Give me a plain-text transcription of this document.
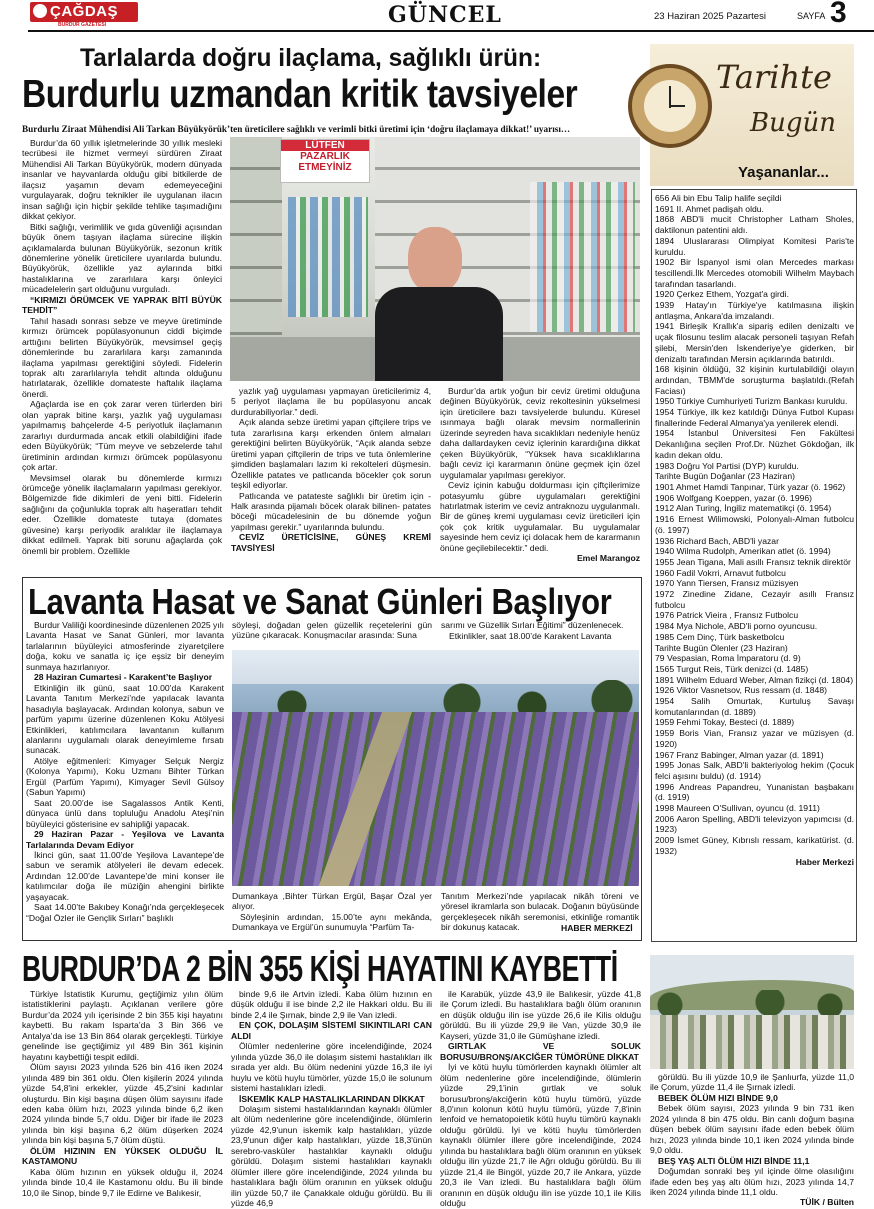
ÇAĞDAŞ
BURDUR GAZETESİ	GÜNCEL	23 Haziran 2025 Pazartesi	SAYFA 3
Tarlalarda doğru ilaçlama, sağlıklı ürün:
Burdurlu uzmandan kritik tavsiyeler
Burdurlu Ziraat Mühendisi Ali Tarkan Büyükyörük’ten üreticilere sağlıklı ve verimli bitki üretimi için ‘doğru ilaçlamaya dikkat!’ uyarısı…

Burdur’da 60 yıllık işletmelerinde 30 yıllık mesleki tecrübesi ile hizmet vermeyi sürdüren Ziraat Mühendisi Ali Tarkan Büyükyörük, modern dünyada insanlar ve hayvanlarda olduğu gibi bitkilerde de ilaçsız yaşamın devam edemeyeceğini vurgulayarak, doğru teknikler ile uygulanan ilacın insan sağlığı için hiçbir şekilde tehlike taşımadığını dikkat çekiyor.

Bitki sağlığı, verimlilik ve gıda güvenliği açısından büyük önem taşıyan ilaçlama sürecine ilişkin açıklamalarda bulunan Büyükyörük, sezonun kritik dönemlerine yönelik üreticilere uyarılarda bulundu. Büyükyörük, özellikle yaz aylarında bitki hastalıklarına ve zararlılara karşı önleyici mücadelelerin şart olduğunu vurguladı.

“KIRMIZI ÖRÜMCEK VE YAPRAK BİTİ BÜYÜK TEHDİT”

Tahıl hasadı sonrası sebze ve meyve üretiminde kırmızı örümcek popülasyonunun ciddi biçimde arttığını belirten Büyükyörük, mevsimsel geçiş dönemlerinde bu zararlılara karşı zamanında ilaçlama yapılması gerektiğini söyledi. Fidelerin toprak altı zararlılarıyla tehdit altında olduğunu hatırlatarak, özellikle domateste haftalık ilaçlama önerdi.

Ağaçlarda ise en çok zarar veren türlerden biri olan yaprak bitine karşı, yazlık yağ uygulaması yapılmamış bahçelerde 4-5 periyotluk ilaçlamanın zararlıyı durdurmada ancak etkili olabildiğini ifade eden Büyükyörük; “Tüm meyve ve sebzelerde tahıl üretiminin ardından kırmızı örümcek popülasyonu çok artar.

Mevsimsel olarak bu dönemlerde kırmızı örümceğe yönelik ilaçlamaların yapılması gerekiyor. Bölgemizde fide dikimleri de yeni bitti. Fidelerin sağlığını da çoğunlukla toprak altı haşeratları tehdit eder. Özellikle domateste tutaya (domates güvesine) karşı periyodik aralıklar ile ilaçlamaya dikkat edilmeli. Yaprak biti sorunu ağaçlarda çok önemli bir problem. Özellikle

LÜTFEN
PAZARLIK
ETMEYİNİZ

yazlık yağ uygulaması yapmayan üreticilerimiz 4, 5 periyot ilaçlama ile bu popülasyonu ancak durdurabiliyorlar.” dedi.

Açık alanda sebze üretimi yapan çiftçilere trips ve tuta zararlısına karşı erkenden önlem almaları gerektiğini belirten Büyükyörük, “Açık alanda sebze üretimi yapan çiftçilerin de trips ve tuta önlemlerine şimdiden başlamaları lazım ki rekolteleri düşmesin. Özellikle patates ve patlıcanda böcekler çok sorun teşkil ediyorlar.

Patlıcanda ve patateste sağlıklı bir üretim için - Halk arasında pijamalı böcek olarak bilinen- patates böceği mücadelesinin de bu dönemde yoğun yapılması gerekir.” uyarılarında bulundu.

CEVİZ ÜRETİCİSİNE, GÜNEŞ KREMİ TAVSİYESİ

Burdur’da artık yoğun bir ceviz üretimi olduğuna değinen Büyükyörük, ceviz rekoltesinin yükselmesi için üreticilere bazı tavsiyelerde bulundu. Küresel ısınmaya bağlı olarak mevsim normallerinin üzerinde seyreden hava sıcaklıkları nedeniyle henüz daha dallardayken ceviz içlerinin karardığına dikkat çeken Büyükyörük, “Yüksek hava sıcaklıklarına bağlı ceviz içi kararmanın önüne geçmek için özel uygulamalar yapılması gerekiyor.

Ceviz içinin kabuğu doldurması için çiftçilerimize potasyumlu gübre uygulamaları gerektiğini hatırlatmak isterim ve ceviz antraknozu uygulanmalı. Bir de güneş kremi uygulaması ceviz üreticileri için çok çok kritik uygulamalar. Bu uygulamalar sayesinde hem ceviz içi dolacak hem de kararmanın önüne geçilebilecektir.” dedi.

Emel Marangoz

Tarihte
Bugün
Yaşananlar...
656 Ali bin Ebu Talip halife seçildi
1691 II. Ahmet padişah oldu.
1868 ABD'li mucit Christopher Latham Sholes, daktilonun patentini aldı.
1894 Uluslararası Olimpiyat Komitesi Paris'te kuruldu.
1902 Bir İspanyol ismi olan Mercedes markası tescillendi.İlk Mercedes otomobili Wilhelm Maybach tarafından tasarlandı.
1920 Çerkez Ethem, Yozgat'a girdi.
1939 Hatay'ın Türkiye'ye katılmasına ilişkin antlaşma, Ankara'da imzalandı.
1941 Birleşik Krallık'a sipariş edilen denizaltı ve uçak filosunu teslim alacak personeli taşıyan Refah şilebi, Mersin'den İskenderiye'ye giderken, bir denizaltı tarafından Mersin açıklarında batırıldı.
168 kişinin öldüğü, 32 kişinin kurtulabildiği olayın ardından, TBMM'de soruşturma başlatıldı.(Refah Faciası)
1950 Türkiye Cumhuriyeti Turizm Bankası kuruldu.
1954 Türkiye, ilk kez katıldığı Dünya Futbol Kupası finallerinde Federal Almanya'ya yenilerek elendi.
1954 İstanbul Üniversitesi Fen Fakültesi Dekanlığına seçilen Prof.Dr. Nüzhet Gökdoğan, ilk kadın dekan oldu.
1983 Doğru Yol Partisi (DYP) kuruldu.
Tarihte Bugün Doğanlar (23 Haziran)
1901 Ahmet Hamdi Tanpınar, Türk yazar (ö. 1962)
1906 Wolfgang Koeppen, yazar (ö. 1996)
1912 Alan Turing, İngiliz matematikçi (ö. 1954)
1916 Ernest Wilimowski, Polonyalı-Alman futbolcu (ö. 1997)
1936 Richard Bach, ABD'li yazar
1940 Wilma Rudolph, Amerikan atlet (ö. 1994)
1955 Jean Tigana, Mali asıllı Fransız teknik direktör
1960 Fadil Vokrri, Arnavut futbolcu
1970 Yann Tiersen, Fransız müzisyen
1972 Zinedine Zidane, Cezayir asıllı Fransız futbolcu
1976 Patrick Vieira , Fransız Futbolcu
1984 Mya Nichole, ABD'li porno oyuncusu.
1985 Cem Dinç, Türk basketbolcu
Tarihte Bugün Ölenler (23 Haziran)
79 Vespasian, Roma İmparatoru (d. 9)
1565 Turgut Reis, Türk denizci (d. 1485)
1891 Wilhelm Eduard Weber, Alman fizikçi (d. 1804)
1926 Viktor Vasnetsov, Rus ressam (d. 1848)
1954 Salih Omurtak, Kurtuluş Savaşı komutanlarından (d. 1889)
1959 Fehmi Tokay, Besteci (d. 1889)
1959 Boris Vian, Fransız yazar ve müzisyen (d. 1920)
1967 Franz Babinger, Alman yazar (d. 1891)
1995 Jonas Salk, ABD'li bakteriyolog hekim (Çocuk felci aşısını buldu) (d. 1914)
1996 Andreas Papandreu, Yunanistan başbakanı (d. 1919)
1998 Maureen O'Sullivan, oyuncu (d. 1911)
2006 Aaron Spelling, ABD'li televizyon yapımcısı (d. 1923)
2009 İsmet Güney, Kıbrıslı ressam, karikatürist. (d. 1932)
Haber Merkezi
Lavanta Hasat ve Sanat Günleri Başlıyor

Burdur Valiliği koordinesinde düzenlenen 2025 yılı Lavanta Hasat ve Sanat Günleri, mor lavanta tarlalarının büyüleyici atmosferinde ziyaretçilere doğa, koku ve sanatla iç içe eşsiz bir deneyim sunmaya hazırlanıyor.

28 Haziran Cumartesi - Karakent’te Başlıyor

Etkinliğin ilk günü, saat 10.00’da Karakent Lavanta Tanıtım Merkezi’nde yapılacak lavanta hasadıyla başlayacak. Ardından kolonya, sabun ve parfüm yapımı üzerine düzenlenen Koku Atölyesi Etkinlikleri, katılımcılara lavantanın kullanım alanlarını uygulamalı olarak deneyimleme fırsatı sunacak.

Atölye eğitmenleri: Kimyager Selçuk Nergiz (Kolonya Yapımı), Koku Uzmanı Bihter Türkan Ergül (Parfüm Yapımı), Kimyager Sevil Gülsoy (Sabun Yapımı)

Saat 20.00’de ise Sagalassos Antik Kenti, dünyaca ünlü dans topluluğu Anadolu Ateşi’nin büyüleyici gösterisine ev sahipliği yapacak.

29 Haziran Pazar - Yeşilova ve Lavanta Tarlalarında Devam Ediyor

İkinci gün, saat 11.00’de Yeşilova Lavantepe’de sabun ve seramik atölyeleri ile devam edecek. Ardından 12.00’de Lavantepe’de mini konser ile katılımcılar doğa ile müziğin ahengini birlikte yaşayacak.

Saat 14.00’te Bakıbey Konağı’nda gerçekleşecek “Doğal Özler ile Gençlik Sırları” başlıklı

söyleşi, doğadan gelen güzellik reçetelerini gün yüzüne çıkaracak. Konuşmacılar arasında: Suna
sarımı ve Güzellik Sırları Eğitimi” düzenlenecek.
Etkinlikler, saat 18.00’de Karakent Lavanta
Dumankaya ,Bihter Türkan Ergül, Başar Özal yer alıyor.
Söyleşinin ardından, 15.00’te aynı mekânda, Dumankaya ve Ergül’ün sunumuyla “Parfüm Ta-
Tanıtım Merkezi’nde yapılacak nikâh töreni ve yöresel ikramlarla son bulacak. Doğanın büyüsünde gerçekleşecek nikâh seremonisi, etkinliğe romantik bir dokunuş katacak.	HABER MERKEZİ
BURDUR’DA 2 BİN 355 KİŞİ HAYATINI KAYBETTİ

Türkiye İstatistik Kurumu, geçtiğimiz yılın ölüm istatistiklerini paylaştı. Açıklanan verilere göre Burdur’da 2024 yılı içerisinde 2 bin 355 kişi hayatını kaybetti. Bu rakam Isparta’da 3 Bin 366 ve Antalya’da ise 13 Bin 864 olarak gerçekleşti. Türkiye genelinde ise geçtiğimiz yıl 489 Bin 361 kişinin hayatını kaybettiği tespit edildi.

Ölüm sayısı 2023 yılında 526 bin 416 iken 2024 yılında 489 bin 361 oldu. Ölen kişilerin 2024 yılında yüzde 54,8'ini erkekler, yüzde 45,2'sini kadınlar oluşturdu. Bin kişi başına düşen ölüm sayısını ifade eden kaba ölüm hızı, 2023 yılında binde 6,2 iken 2024 yılında binde 5,7 oldu. Diğer bir ifade ile 2023 yılında bin kişi başına 6,2 ölüm düşerken 2024 yılında bin kişi başına 5,7 ölüm düştü.

ÖLÜM HIZININ EN YÜKSEK OLDUĞU İL KASTAMONU

Kaba ölüm hızının en yüksek olduğu il, 2024 yılında binde 10,4 ile Kastamonu oldu. Bu ili binde 10,0 ile Sinop, binde 9,7 ile Edirne ve Balıkesir,

binde 9,6 ile Artvin izledi. Kaba ölüm hızının en düşük olduğu il ise binde 2,2 ile Hakkari oldu. Bu ili binde 2,4 ile Şırnak, binde 2,9 ile Van izledi.

EN ÇOK, DOLAŞIM SİSTEMİ SIKINTILARI CAN ALDI

Ölümler nedenlerine göre incelendiğinde, 2024 yılında yüzde 36,0 ile dolaşım sistemi hastalıkları ilk sırada yer aldı. Bu ölüm nedenini yüzde 16,3 ile iyi huylu ve kötü huylu tümörler, yüzde 15,0 ile solunum sistemi hastalıkları izledi.

İSKEMİK KALP HASTALIKLARINDAN DİKKAT

Dolaşım sistemi hastalıklarından kaynaklı ölümler alt ölüm nedenlerine göre incelendiğinde, ölümlerin yüzde 42,9'unun iskemik kalp hastalıkları, yüzde 23,9'unun diğer kalp hastalıkları, yüzde 18,3'ünün serebro-vasküler hastalıklar kaynaklı olduğu görüldü. Dolaşım sistemi hastalıkları kaynaklı ölümler illere göre incelendiğinde, 2024 yılında bu hastalıklara bağlı ölüm oranının en yüksek olduğu ilin yüzde 50,7 ile Çanakkale olduğu görüldü. Bu ili yüzde 46,9

ile Karabük, yüzde 43,9 ile Balıkesir, yüzde 41,8 ile Çorum izledi. Bu hastalıklara bağlı ölüm oranının en düşük olduğu ilin ise yüzde 26,6 ile Kilis olduğu görüldü. Bu ili yüzde 29,9 ile Van, yüzde 30,9 ile Kayseri, yüzde 31,0 ile Gümüşhane izledi.

GIRTLAK VE SOLUK BORUSU/BRONŞ/AKCİĞER TÜMÖRÜNE DİKKAT

İyi ve kötü huylu tümörlerden kaynaklı ölümler alt ölüm nedenlerine göre incelendiğinde, ölümlerin yüzde 29,1'inin gırtlak ve soluk borusu/bronş/akciğerin kötü huylu tümörü, yüzde 8,0'ının kolonun kötü huylu tümörü, yüzde 7,8'inin lenfoid ve hematopoietik kötü huylu tümörü kaynaklı olduğu görüldü. İyi ve kötü huylu tümörlerden kaynaklı ölümler illere göre incelendiğinde, 2024 yılında bu hastalıklara bağlı ölüm oranının en yüksek olduğu ilin yüzde 21,7 ile Ağrı olduğu görüldü. Bu ili yüzde 21,4 ile Bingöl, yüzde 20,7 ile Ankara, yüzde 20,3 ile Van izledi. Bu hastalıklara bağlı ölüm oranının en düşük olduğu ilin ise yüzde 10,1 ile Kilis olduğu

görüldü. Bu ili yüzde 10,9 ile Şanlıurfa, yüzde 11,0 ile Çorum, yüzde 11,4 ile Şırnak izledi.

BEBEK ÖLÜM HIZI BİNDE 9,0

Bebek ölüm sayısı, 2023 yılında 9 bin 731 iken 2024 yılında 8 bin 475 oldu. Bin canlı doğum başına düşen bebek ölüm sayısını ifade eden bebek ölüm hızı, 2023 yılında binde 10,1 iken 2024 yılında binde 9,0 oldu.

BEŞ YAŞ ALTI ÖLÜM HIZI BİNDE 11,1

Doğumdan sonraki beş yıl içinde ölme olasılığını ifade eden beş yaş altı ölüm hızı, 2023 yılında 14,7 iken 2024 yılında binde 11,1 oldu.

TÜİK / Bülten
